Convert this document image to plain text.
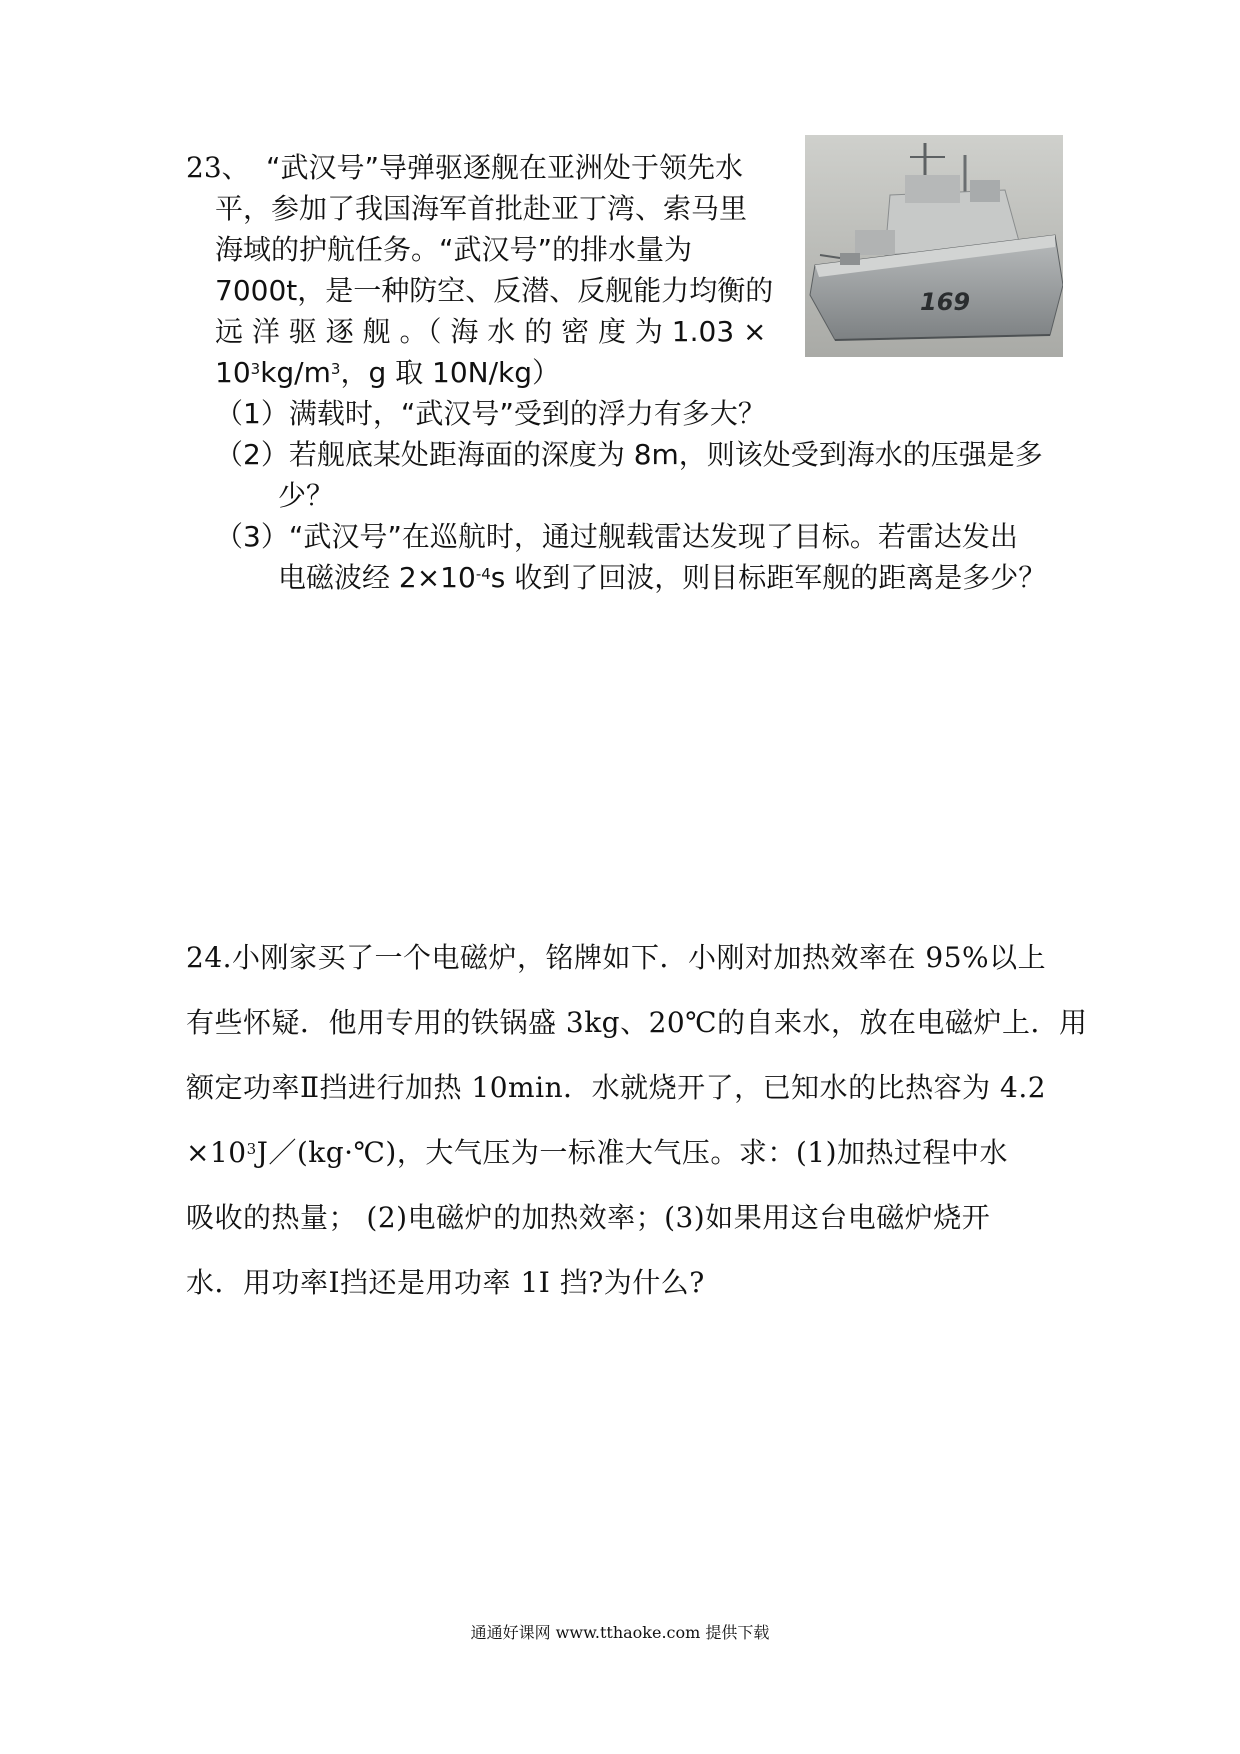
23、 “武汉号”导弹驱逐舰在亚洲处于领先水
平，参加了我国海军首批赴亚丁湾、索马里
海域的护航任务。“武汉号”的排水量为
7000t，是一种防空、反潜、反舰能力均衡的
远 洋 驱 逐 舰 。（ 海 水 的 密 度 为 1.03 ×
$10^3kg/m^3$，g 取 10N/kg）
（1）满载时，“武汉号”受到的浮力有多大？
（2）若舰底某处距海面的深度为 8m，则该处受到海水的压强是多
少？
（3）“武汉号”在巡航时，通过舰载雷达发现了目标。若雷达发出
电磁波经 $2\times 10^{-4}s$ 收到了回波，则目标距军舰的距离是多少？
169
24.小刚家买了一个电磁炉，铭牌如下．小刚对加热效率在 95%以上
有些怀疑．他用专用的铁锅盛 3kg、20℃的自来水，放在电磁炉上．用
额定功率Ⅱ挡进行加热 10min．水就烧开了，已知水的比热容为 4.2
$\times 10^3J/(kg\cdot℃)$，大气压为一标准大气压。求：(1)加热过程中水
吸收的热量； (2)电磁炉的加热效率；(3)如果用这台电磁炉烧开
水．用功率Ⅰ挡还是用功率 1I 挡?为什么?
通通好课网 www.tthaoke.com 提供下载
